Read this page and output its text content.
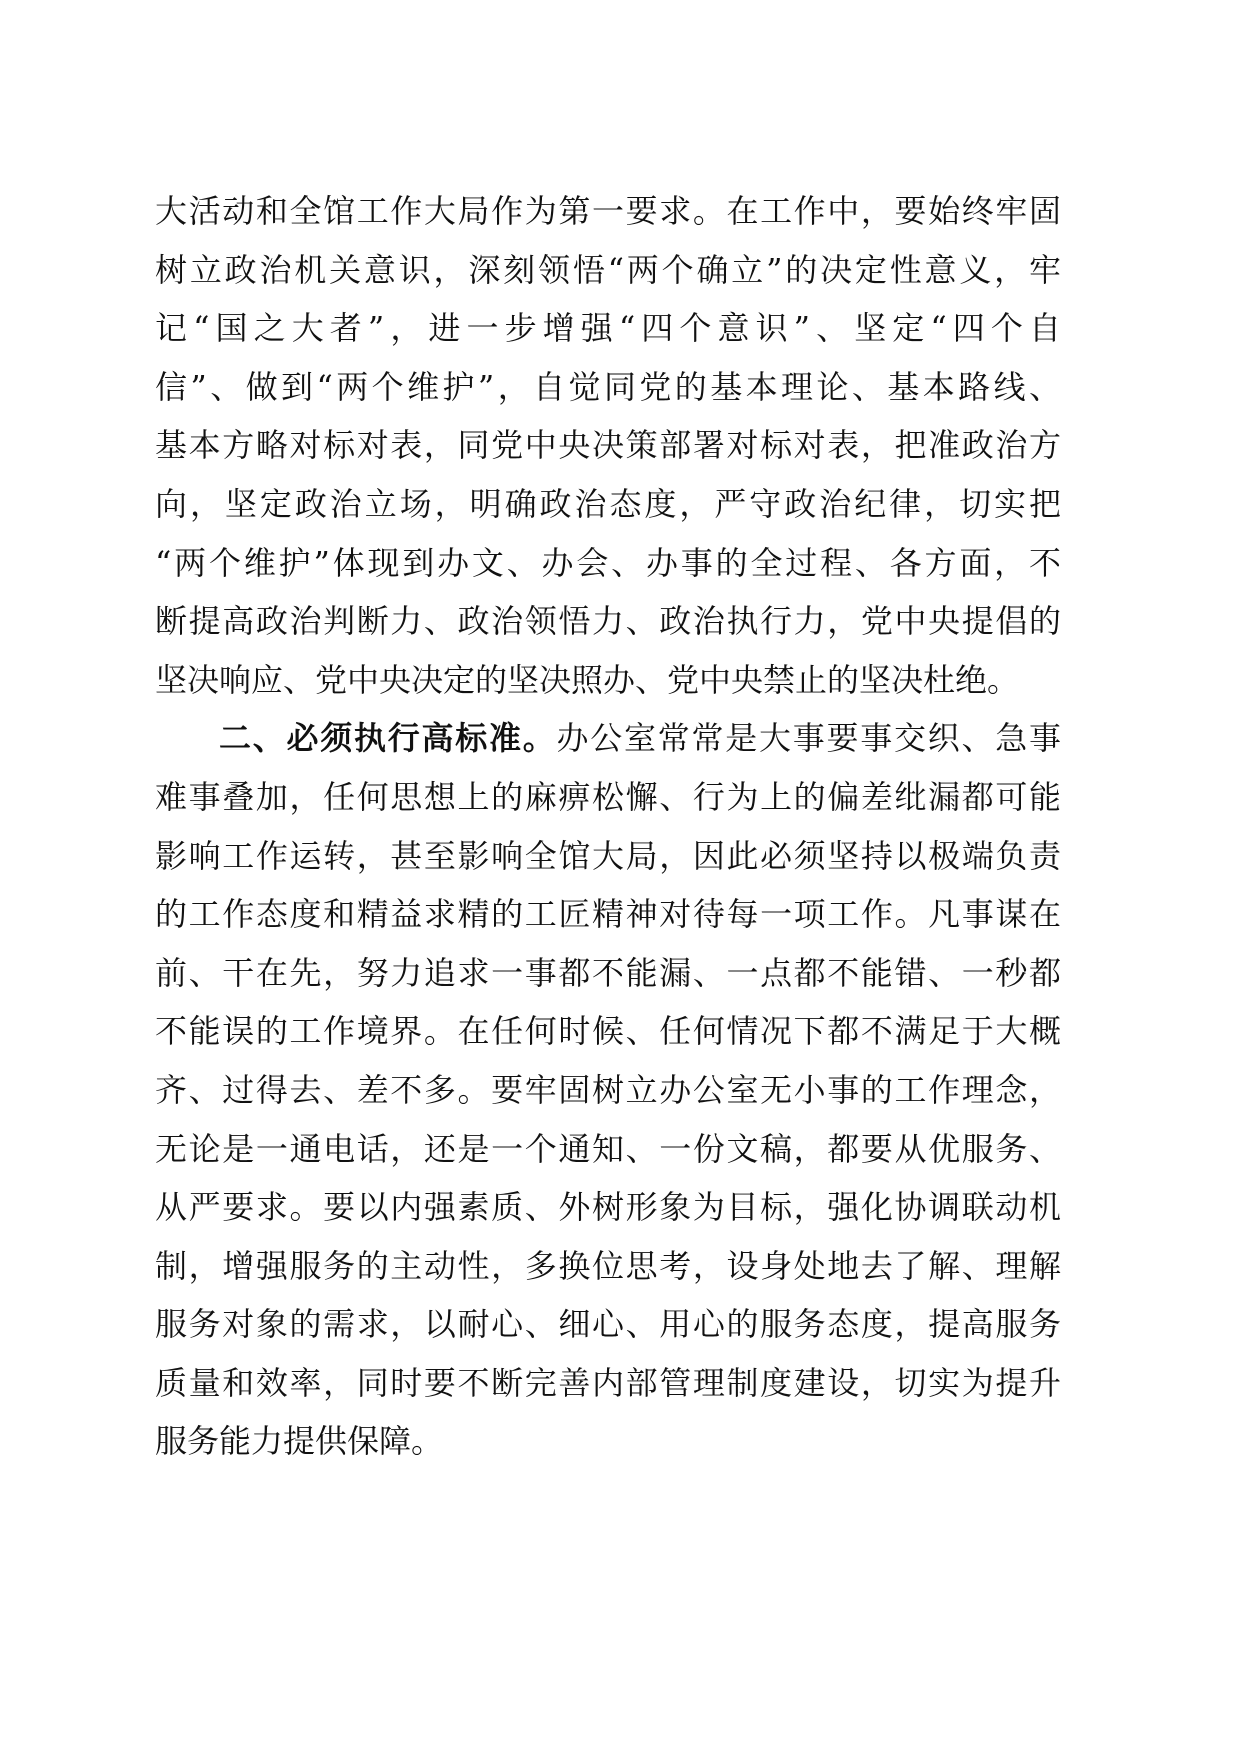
大活动和全馆工作大局作为第一要求。在工作中，要始终牢固
树立政治机关意识，深刻领悟“两个确立”的决定性意义，牢
记“国之大者”，进一步增强“四个意识”、坚定“四个自
信”、做到“两个维护”，自觉同党的基本理论、基本路线、
基本方略对标对表，同党中央决策部署对标对表，把准政治方
向，坚定政治立场，明确政治态度，严守政治纪律，切实把
“两个维护”体现到办文、办会、办事的全过程、各方面，不
断提高政治判断力、政治领悟力、政治执行力，党中央提倡的
坚决响应、党中央决定的坚决照办、党中央禁止的坚决杜绝。
二、必须执行高标准。办公室常常是大事要事交织、急事
难事叠加，任何思想上的麻痹松懈、行为上的偏差纰漏都可能
影响工作运转，甚至影响全馆大局，因此必须坚持以极端负责
的工作态度和精益求精的工匠精神对待每一项工作。凡事谋在
前、干在先，努力追求一事都不能漏、一点都不能错、一秒都
不能误的工作境界。在任何时候、任何情况下都不满足于大概
齐、过得去、差不多。要牢固树立办公室无小事的工作理念，
无论是一通电话，还是一个通知、一份文稿，都要从优服务、
从严要求。要以内强素质、外树形象为目标，强化协调联动机
制，增强服务的主动性，多换位思考，设身处地去了解、理解
服务对象的需求，以耐心、细心、用心的服务态度，提高服务
质量和效率，同时要不断完善内部管理制度建设，切实为提升
服务能力提供保障。
